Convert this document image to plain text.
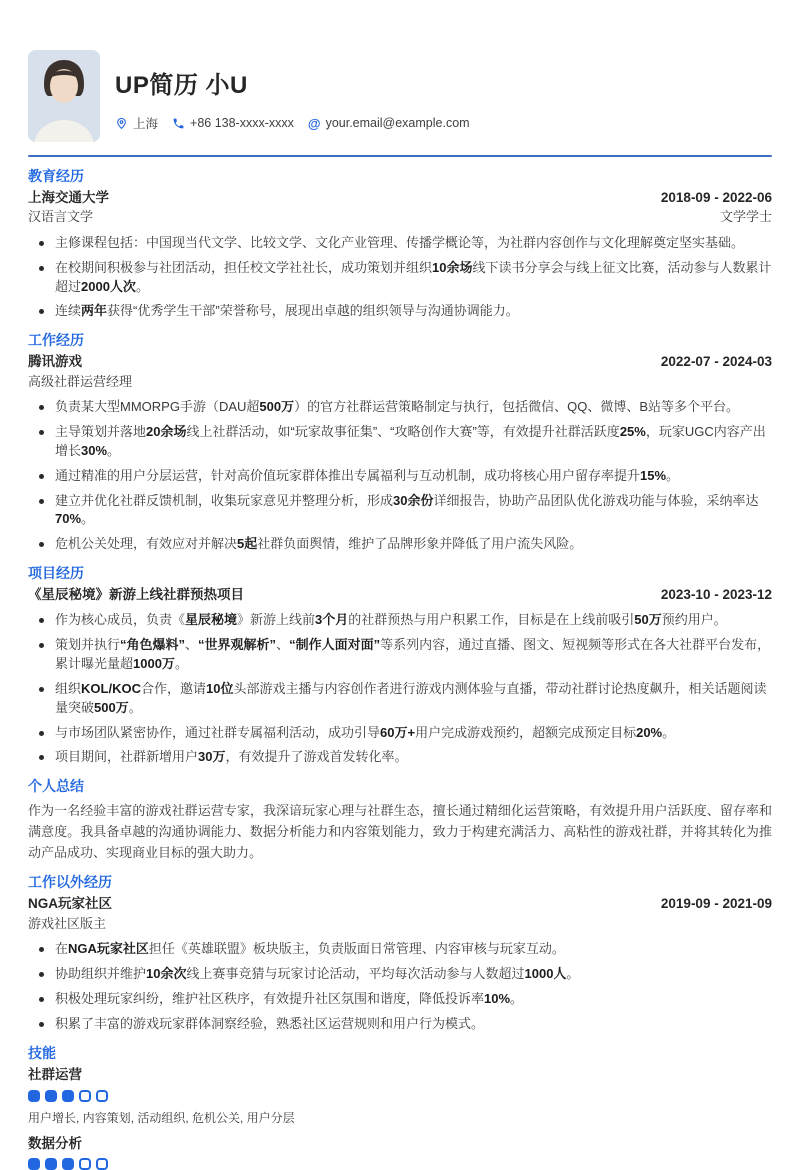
UP简历 小U
上海	+86 138-xxxx-xxxx @ your.email@example.com
教育经历
上海交通大学	2018-09 - 2022-06
汉语言文学	文学学士
主修课程包括：中国现当代文学、比较文学、文化产业管理、传播学概论等，为社群内容创作与文化理解奠定坚实基础。
在校期间积极参与社团活动，担任校文学社社长，成功策划并组织10余场线下读书分享会与线上征文比赛，活动参与人数累计超过2000人次。
连续两年获得“优秀学生干部”荣誉称号，展现出卓越的组织领导与沟通协调能力。
工作经历
腾讯游戏	2022-07 - 2024-03
高级社群运营经理
负责某大型MMORPG手游（DAU超500万）的官方社群运营策略制定与执行，包括微信、QQ、微博、B站等多个平台。
主导策划并落地20余场线上社群活动，如“玩家故事征集”、“攻略创作大赛”等，有效提升社群活跃度25%，玩家UGC内容产出增长30%。
通过精准的用户分层运营，针对高价值玩家群体推出专属福利与互动机制，成功将核心用户留存率提升15%。
建立并优化社群反馈机制，收集玩家意见并整理分析，形成30余份详细报告，协助产品团队优化游戏功能与体验，采纳率达70%。
危机公关处理，有效应对并解决5起社群负面舆情，维护了品牌形象并降低了用户流失风险。
项目经历
《星辰秘境》新游上线社群预热项目	2023-10 - 2023-12
作为核心成员，负责《星辰秘境》新游上线前3个月的社群预热与用户积累工作，目标是在上线前吸引50万预约用户。
策划并执行“角色爆料”、“世界观解析”、“制作人面对面”等系列内容，通过直播、图文、短视频等形式在各大社群平台发布，累计曝光量超1000万。
组织KOL/KOC合作，邀请10位头部游戏主播与内容创作者进行游戏内测体验与直播，带动社群讨论热度飙升，相关话题阅读量突破500万。
与市场团队紧密协作，通过社群专属福利活动，成功引导60万+用户完成游戏预约，超额完成预定目标20%。
项目期间，社群新增用户30万，有效提升了游戏首发转化率。
个人总结
作为一名经验丰富的游戏社群运营专家，我深谙玩家心理与社群生态，擅长通过精细化运营策略，有效提升用户活跃度、留存率和满意度。我具备卓越的沟通协调能力、数据分析能力和内容策划能力，致力于构建充满活力、高粘性的游戏社群，并将其转化为推动产品成功、实现商业目标的强大助力。
工作以外经历
NGA玩家社区	2019-09 - 2021-09
游戏社区版主
在NGA玩家社区担任《英雄联盟》板块版主，负责版面日常管理、内容审核与玩家互动。
协助组织并维护10余次线上赛事竞猜与玩家讨论活动，平均每次活动参与人数超过1000人。
积极处理玩家纠纷，维护社区秩序，有效提升社区氛围和谐度，降低投诉率10%。
积累了丰富的游戏玩家群体洞察经验，熟悉社区运营规则和用户行为模式。
技能
社群运营
用户增长, 内容策划, 活动组织, 危机公关, 用户分层
数据分析
